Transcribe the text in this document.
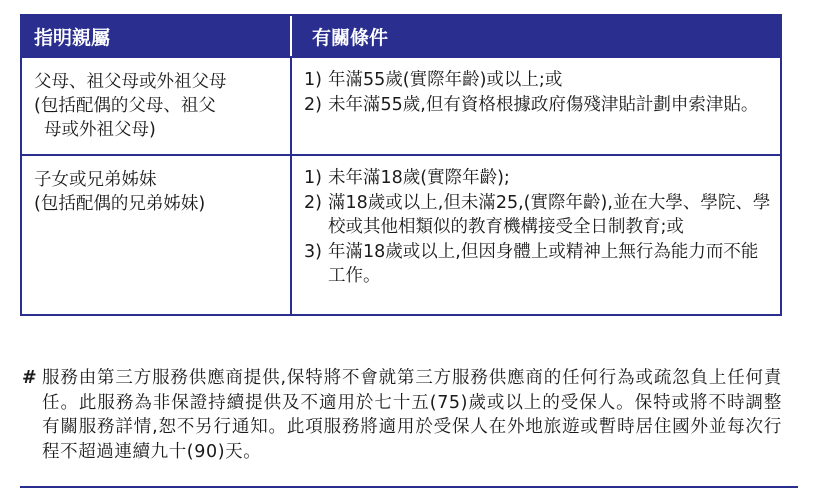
指明親屬	有關條件
父母、祖父母或外祖父母
(包括配偶的父母、祖父
母或外祖父母)
1) 年滿55歲(實際年齡)或以上;或
2) 未年滿55歲,但有資格根據政府傷殘津貼計劃申索津貼。
子女或兄弟姊妹
(包括配偶的兄弟姊妹)
1) 未年滿18歲(實際年齡);
2) 滿18歲或以上,但未滿25,(實際年齡),並在大學、學院、學校或其他相類似的教育機構接受全日制教育;或
3) 年滿18歲或以上,但因身體上或精神上無行為能力而不能工作。
# 服務由第三方服務供應商提供,保特將不會就第三方服務供應商的任何行為或疏忽負上任何責任。此服務為非保證持續提供及不適用於七十五(75)歲或以上的受保人。保特或將不時調整有關服務詳情,恕不另行通知。此項服務將適用於受保人在外地旅遊或暫時居住國外並每次行程不超過連續九十(90)天。
